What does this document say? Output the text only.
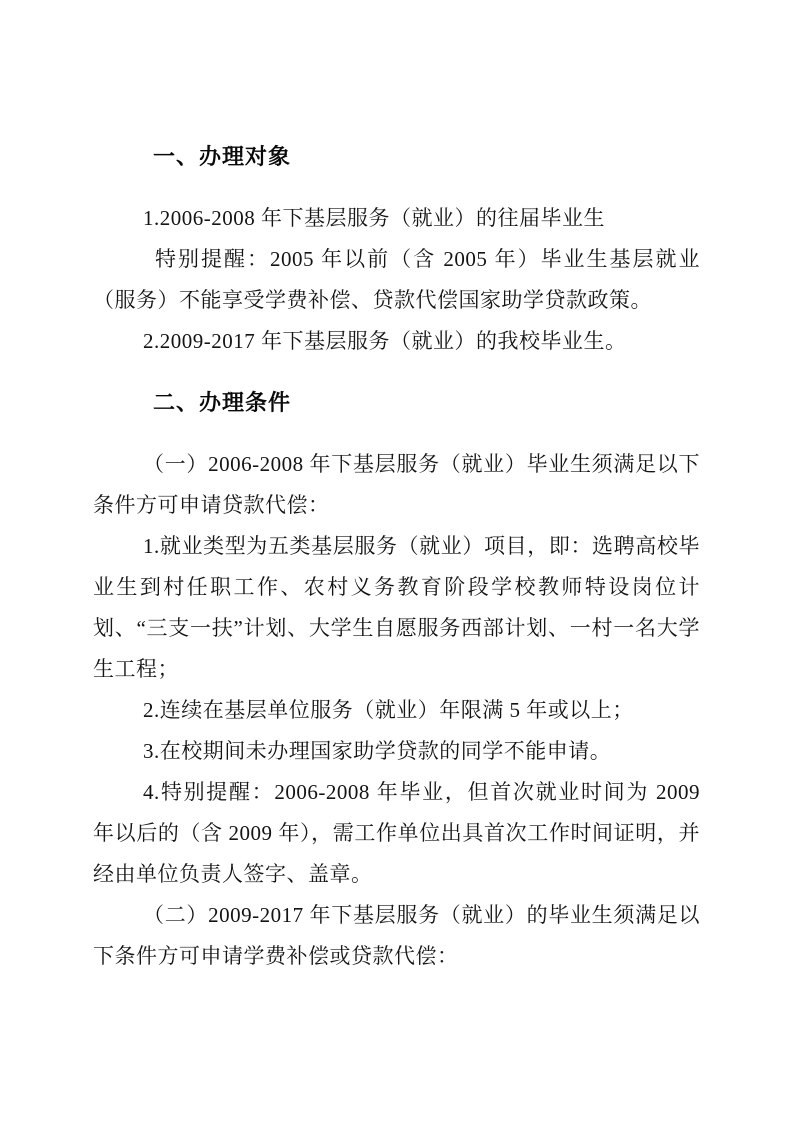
一、办理对象

1.2006-2008 年下基层服务（就业）的往届毕业生

特别提醒：2005 年以前（含 2005 年）毕业生基层就业（服务）不能享受学费补偿、贷款代偿国家助学贷款政策。

2.2009-2017 年下基层服务（就业）的我校毕业生。

二、办理条件

（一）2006-2008 年下基层服务（就业）毕业生须满足以下条件方可申请贷款代偿：

1.就业类型为五类基层服务（就业）项目，即：选聘高校毕业生到村任职工作、农村义务教育阶段学校教师特设岗位计划、“三支一扶”计划、大学生自愿服务西部计划、一村一名大学生工程；

2.连续在基层单位服务（就业）年限满 5 年或以上；

3.在校期间未办理国家助学贷款的同学不能申请。

4.特别提醒：2006-2008 年毕业，但首次就业时间为 2009 年以后的（含 2009 年），需工作单位出具首次工作时间证明，并经由单位负责人签字、盖章。

（二）2009-2017 年下基层服务（就业）的毕业生须满足以下条件方可申请学费补偿或贷款代偿：
